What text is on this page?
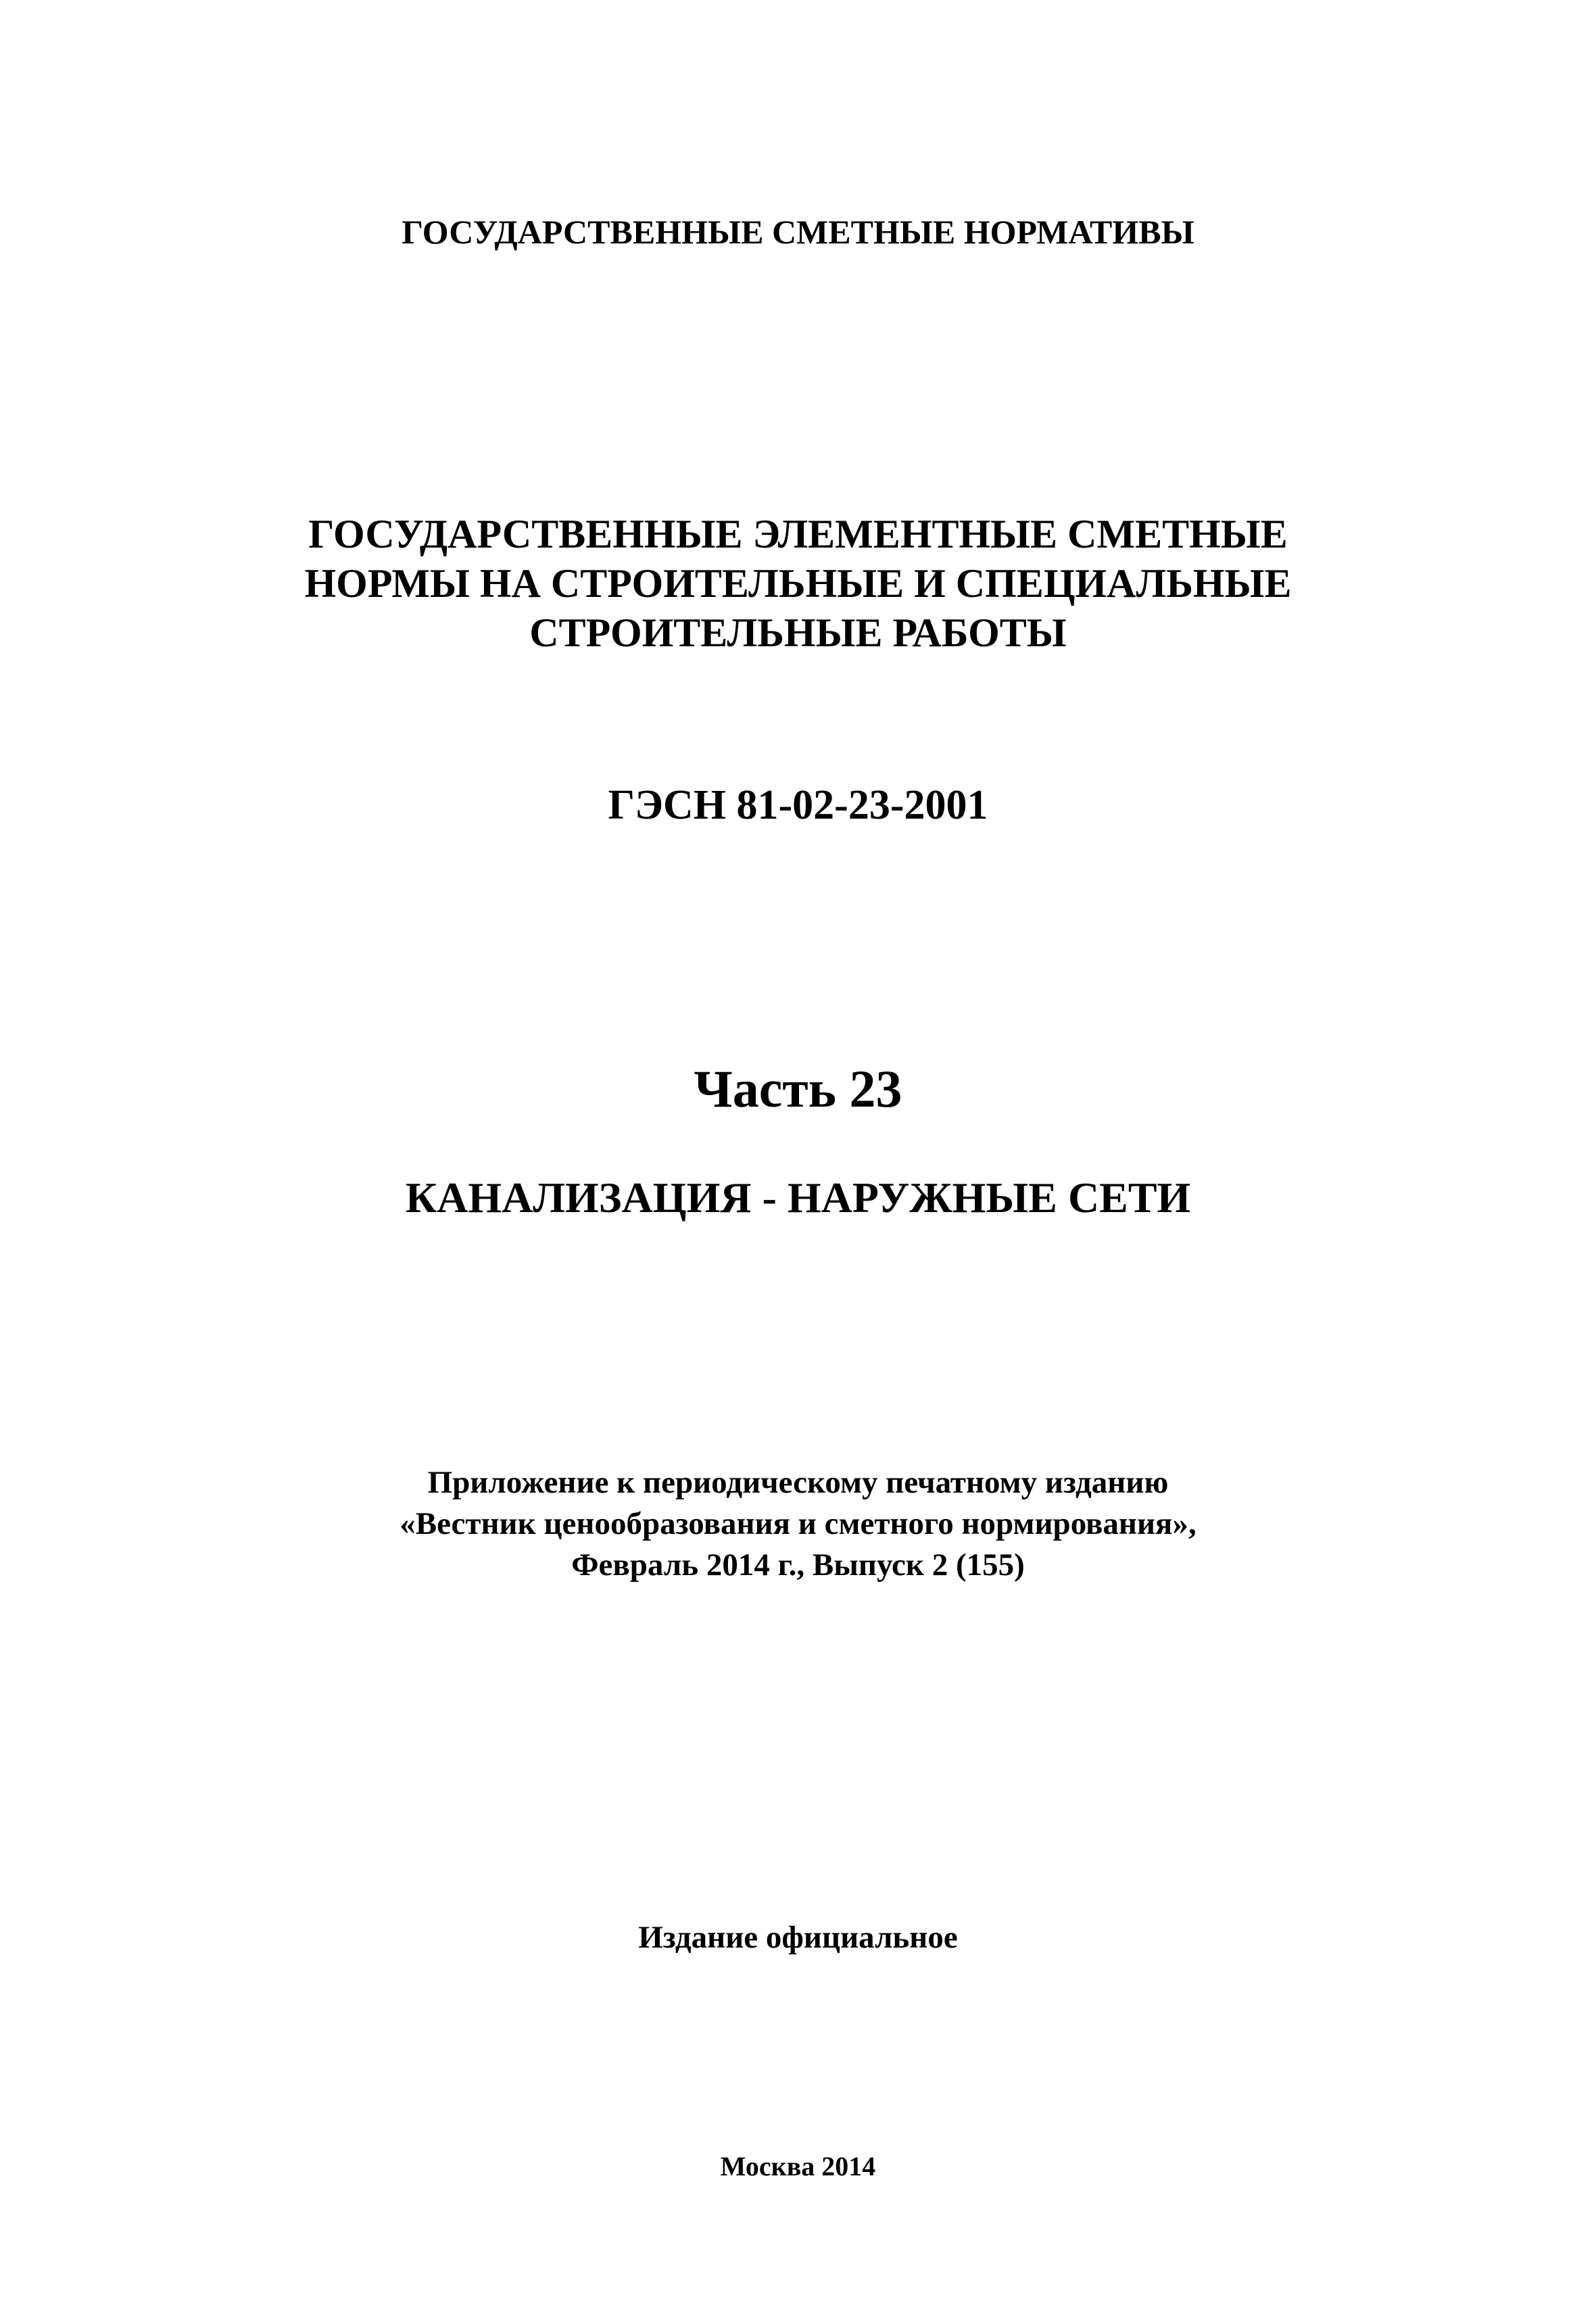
ГОСУДАРСТВЕННЫЕ СМЕТНЫЕ НОРМАТИВЫ
ГОСУДАРСТВЕННЫЕ ЭЛЕМЕНТНЫЕ СМЕТНЫЕ
НОРМЫ НА СТРОИТЕЛЬНЫЕ И СПЕЦИАЛЬНЫЕ
СТРОИТЕЛЬНЫЕ РАБОТЫ
ГЭСН 81-02-23-2001
Часть 23
КАНАЛИЗАЦИЯ - НАРУЖНЫЕ СЕТИ
Приложение к периодическому печатному изданию
«Вестник ценообразования и сметного нормирования»,
Февраль 2014 г., Выпуск 2 (155)
Издание официальное
Москва 2014
